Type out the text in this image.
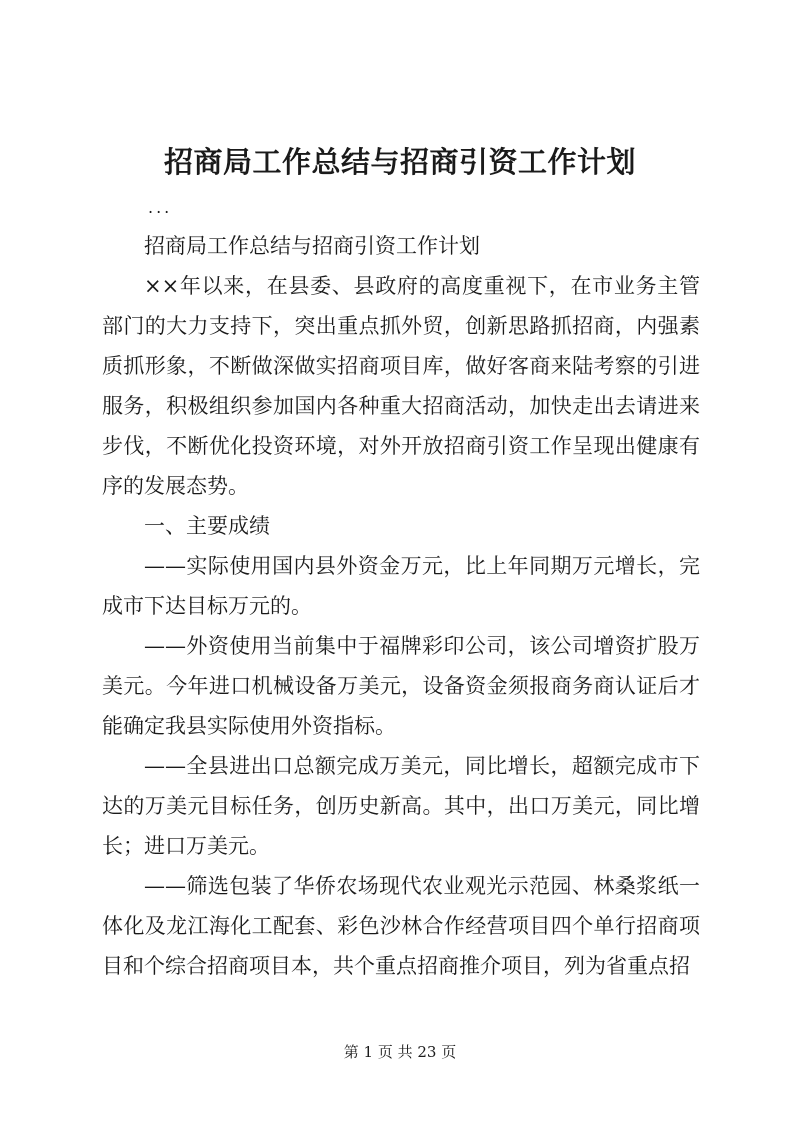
招商局工作总结与招商引资工作计划
...

招商局工作总结与招商引资工作计划

××年以来，在县委、县政府的高度重视下，在市业务主管部门的大力支持下，突出重点抓外贸，创新思路抓招商，内强素质抓形象，不断做深做实招商项目库，做好客商来陆考察的引进服务，积极组织参加国内各种重大招商活动，加快走出去请进来步伐，不断优化投资环境，对外开放招商引资工作呈现出健康有序的发展态势。

一、主要成绩

——实际使用国内县外资金万元，比上年同期万元增长，完成市下达目标万元的。

——外资使用当前集中于福牌彩印公司，该公司增资扩股万美元。今年进口机械设备万美元，设备资金须报商务商认证后才能确定我县实际使用外资指标。

——全县进出口总额完成万美元，同比增长，超额完成市下达的万美元目标任务，创历史新高。其中，出口万美元，同比增长；进口万美元。

——筛选包装了华侨农场现代农业观光示范园、林桑浆纸一体化及龙江海化工配套、彩色沙林合作经营项目四个单行招商项目和个综合招商项目本，共个重点招商推介项目，列为省重点招

第 1 页 共 23 页
